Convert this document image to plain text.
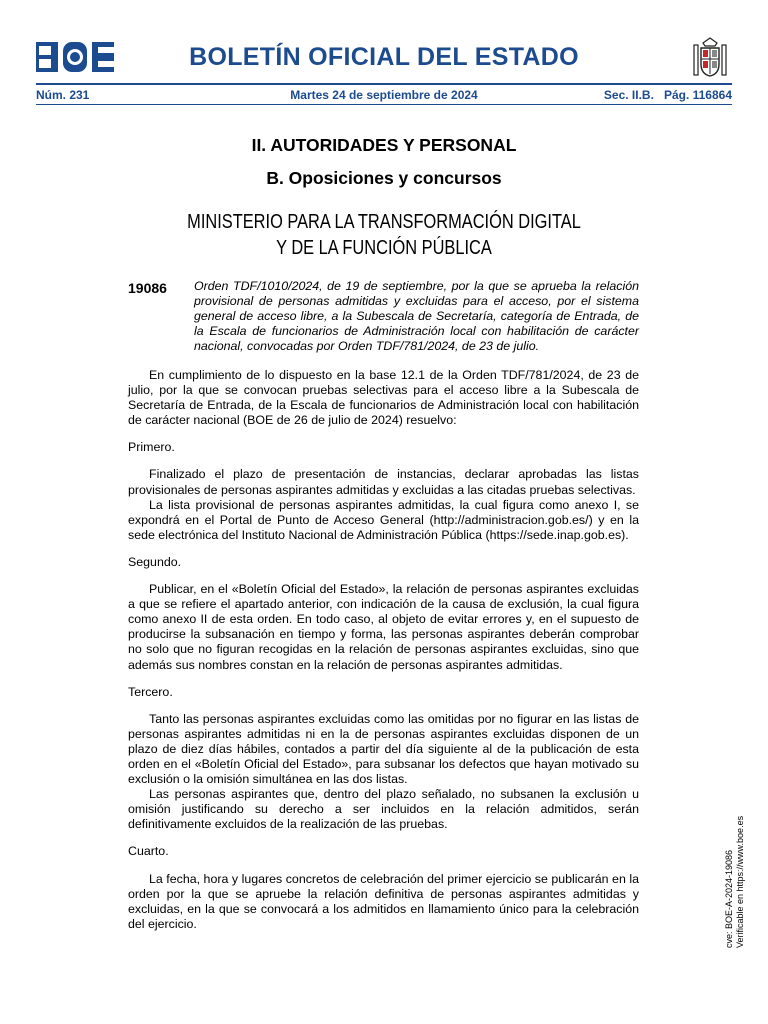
BOLETÍN OFICIAL DEL ESTADO
Núm. 231	Martes 24 de septiembre de 2024	Sec. II.B. Pág. 116864
II. AUTORIDADES Y PERSONAL
B. Oposiciones y concursos
MINISTERIO PARA LA TRANSFORMACIÓN DIGITAL
Y DE LA FUNCIÓN PÚBLICA
19086 Orden TDF/1010/2024, de 19 de septiembre, por la que se aprueba la relación provisional de personas admitidas y excluidas para el acceso, por el sistema general de acceso libre, a la Subescala de Secretaría, categoría de Entrada, de la Escala de funcionarios de Administración local con habilitación de carácter nacional, convocadas por Orden TDF/781/2024, de 23 de julio.

En cumplimiento de lo dispuesto en la base 12.1 de la Orden TDF/781/2024, de 23 de julio, por la que se convocan pruebas selectivas para el acceso libre a la Subescala de Secretaría de Entrada, de la Escala de funcionarios de Administración local con habilitación de carácter nacional (BOE de 26 de julio de 2024) resuelvo:

Primero.

Finalizado el plazo de presentación de instancias, declarar aprobadas las listas provisionales de personas aspirantes admitidas y excluidas a las citadas pruebas selectivas.

La lista provisional de personas aspirantes admitidas, la cual figura como anexo I, se expondrá en el Portal de Punto de Acceso General (http://administracion.gob.es/) y en la sede electrónica del Instituto Nacional de Administración Pública (https://sede.inap.gob.es).

Segundo.

Publicar, en el «Boletín Oficial del Estado», la relación de personas aspirantes excluidas a que se refiere el apartado anterior, con indicación de la causa de exclusión, la cual figura como anexo II de esta orden. En todo caso, al objeto de evitar errores y, en el supuesto de producirse la subsanación en tiempo y forma, las personas aspirantes deberán comprobar no solo que no figuran recogidas en la relación de personas aspirantes excluidas, sino que además sus nombres constan en la relación de personas aspirantes admitidas.

Tercero.

Tanto las personas aspirantes excluidas como las omitidas por no figurar en las listas de personas aspirantes admitidas ni en la de personas aspirantes excluidas disponen de un plazo de diez días hábiles, contados a partir del día siguiente al de la publicación de esta orden en el «Boletín Oficial del Estado», para subsanar los defectos que hayan motivado su exclusión o la omisión simultánea en las dos listas.

Las personas aspirantes que, dentro del plazo señalado, no subsanen la exclusión u omisión justificando su derecho a ser incluidos en la relación admitidos, serán definitivamente excluidos de la realización de las pruebas.

Cuarto.

La fecha, hora y lugares concretos de celebración del primer ejercicio se publicarán en la orden por la que se apruebe la relación definitiva de personas aspirantes admitidas y excluidas, en la que se convocará a los admitidos en llamamiento único para la celebración del ejercicio.	cve: BOE-A-2024-19086 Verificable en https://www.boe.es
